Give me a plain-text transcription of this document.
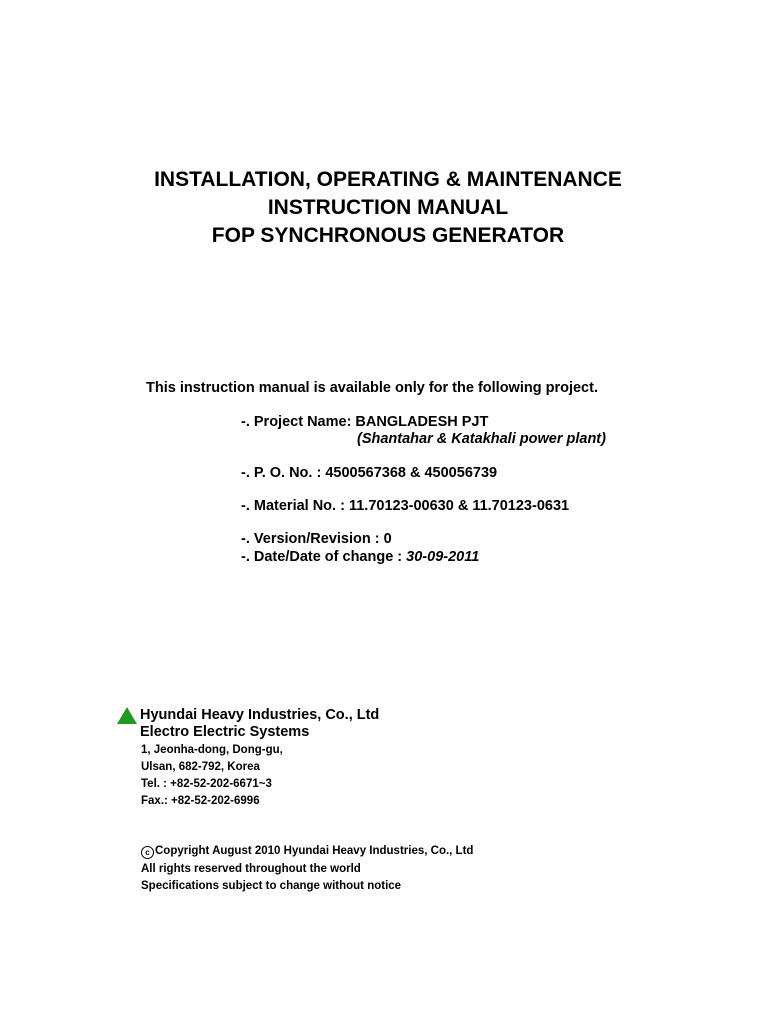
INSTALLATION, OPERATING & MAINTENANCE
INSTRUCTION MANUAL
FOP SYNCHRONOUS GENERATOR
This instruction manual is available only for the following project.
-. Project Name: BANGLADESH PJT
(Shantahar & Katakhali power plant)
-. P. O. No. : 4500567368 & 450056739
-. Material No. : 11.70123-00630 & 11.70123-0631
-. Version/Revision : 0
-. Date/Date of change : 30-09-2011
Hyundai Heavy Industries, Co., Ltd
Electro Electric Systems
1, Jeonha-dong, Dong-gu,
Ulsan, 682-792, Korea
Tel. : +82-52-202-6671~3
Fax.: +82-52-202-6996
c Copyright August 2010 Hyundai Heavy Industries, Co., Ltd
All rights reserved throughout the world
Specifications subject to change without notice
